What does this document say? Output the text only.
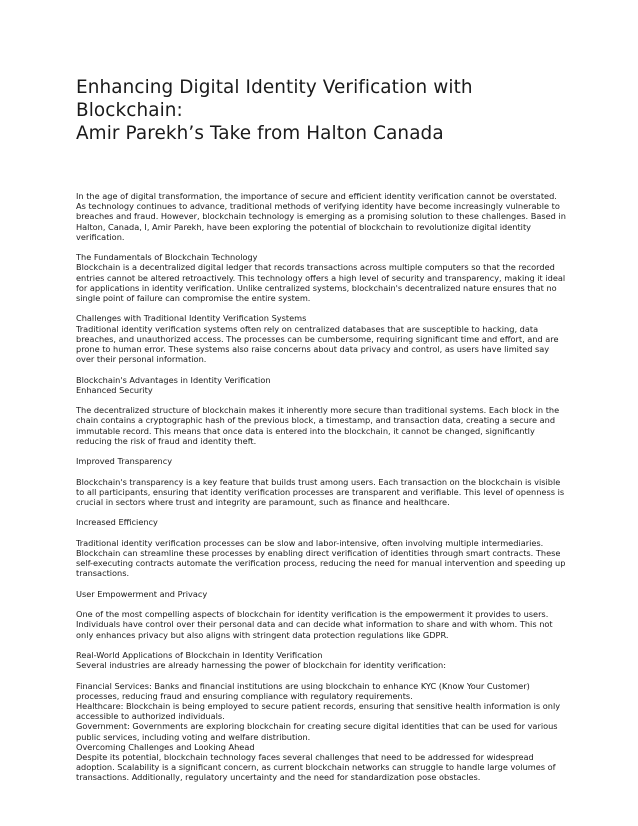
Enhancing Digital Identity Verification with Blockchain:
Amir Parekh’s Take from Halton Canada

In the age of digital transformation, the importance of secure and efficient identity verification cannot be overstated. As technology continues to advance, traditional methods of verifying identity have become increasingly vulnerable to breaches and fraud. However, blockchain technology is emerging as a promising solution to these challenges. Based in Halton, Canada, I, Amir Parekh, have been exploring the potential of blockchain to revolutionize digital identity verification.

The Fundamentals of Blockchain Technology

Blockchain is a decentralized digital ledger that records transactions across multiple computers so that the recorded entries cannot be altered retroactively. This technology offers a high level of security and transparency, making it ideal for applications in identity verification. Unlike centralized systems, blockchain's decentralized nature ensures that no single point of failure can compromise the entire system.

Challenges with Traditional Identity Verification Systems

Traditional identity verification systems often rely on centralized databases that are susceptible to hacking, data breaches, and unauthorized access. The processes can be cumbersome, requiring significant time and effort, and are prone to human error. These systems also raise concerns about data privacy and control, as users have limited say over their personal information.

Blockchain's Advantages in Identity Verification

Enhanced Security

The decentralized structure of blockchain makes it inherently more secure than traditional systems. Each block in the chain contains a cryptographic hash of the previous block, a timestamp, and transaction data, creating a secure and immutable record. This means that once data is entered into the blockchain, it cannot be changed, significantly reducing the risk of fraud and identity theft.

Improved Transparency

Blockchain's transparency is a key feature that builds trust among users. Each transaction on the blockchain is visible to all participants, ensuring that identity verification processes are transparent and verifiable. This level of openness is crucial in sectors where trust and integrity are paramount, such as finance and healthcare.

Increased Efficiency

Traditional identity verification processes can be slow and labor-intensive, often involving multiple intermediaries. Blockchain can streamline these processes by enabling direct verification of identities through smart contracts. These self-executing contracts automate the verification process, reducing the need for manual intervention and speeding up transactions.

User Empowerment and Privacy

One of the most compelling aspects of blockchain for identity verification is the empowerment it provides to users. Individuals have control over their personal data and can decide what information to share and with whom. This not only enhances privacy but also aligns with stringent data protection regulations like GDPR.

Real-World Applications of Blockchain in Identity Verification

Several industries are already harnessing the power of blockchain for identity verification:

Financial Services: Banks and financial institutions are using blockchain to enhance KYC (Know Your Customer) processes, reducing fraud and ensuring compliance with regulatory requirements.

Healthcare: Blockchain is being employed to secure patient records, ensuring that sensitive health information is only accessible to authorized individuals.

Government: Governments are exploring blockchain for creating secure digital identities that can be used for various public services, including voting and welfare distribution.

Overcoming Challenges and Looking Ahead

Despite its potential, blockchain technology faces several challenges that need to be addressed for widespread adoption. Scalability is a significant concern, as current blockchain networks can struggle to handle large volumes of transactions. Additionally, regulatory uncertainty and the need for standardization pose obstacles.
